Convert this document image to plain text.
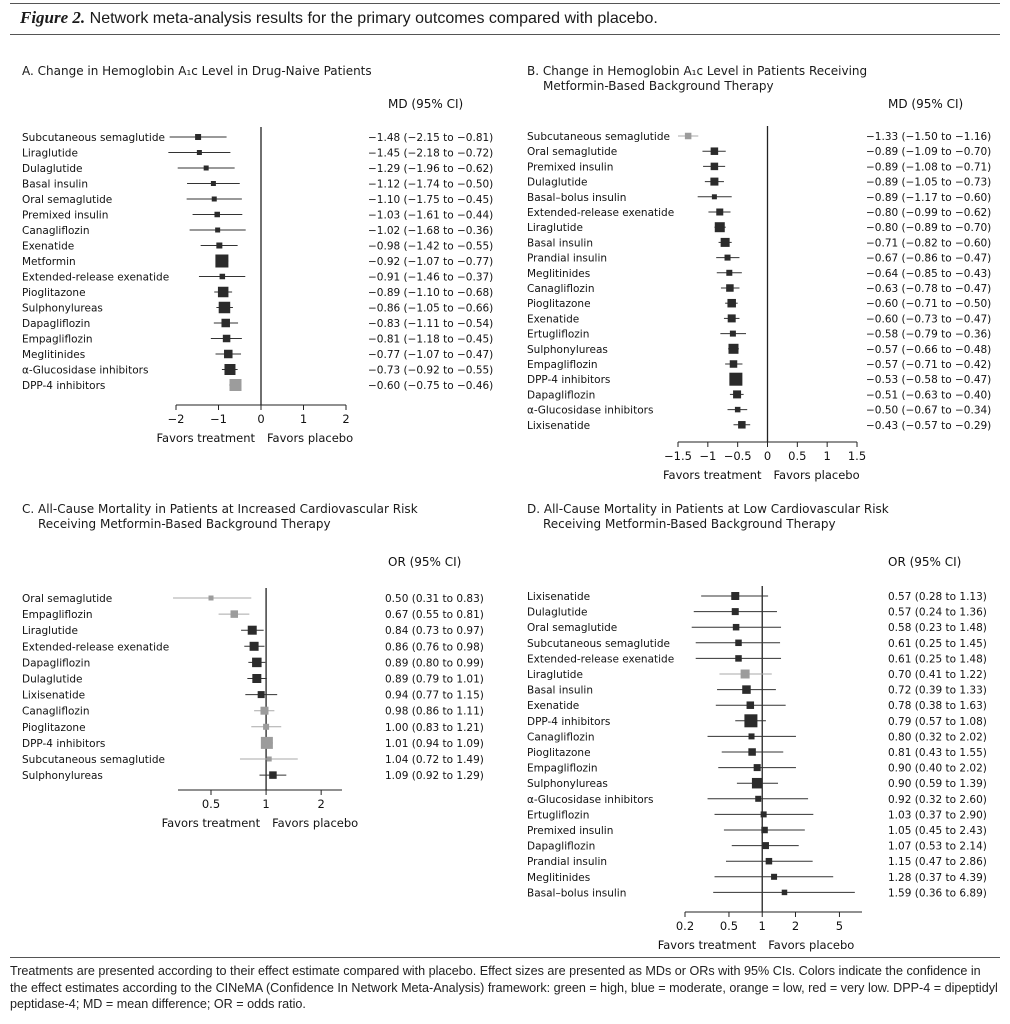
Figure 2. Network meta-analysis results for the primary outcomes compared with placebo.
A. Change in Hemoglobin A₁c Level in Drug-Naive Patients	B. Change in Hemoglobin A₁c Level in Patients Receiving
Metformin-Based Background Therapy
C. All-Cause Mortality in Patients at Increased Cardiovascular Risk
Receiving Metformin-Based Background Therapy
D. All-Cause Mortality in Patients at Low Cardiovascular Risk
Receiving Metformin-Based Background Therapy
MD (95% CI)
Subcutaneous semaglutide	−1.48 (−2.15 to −0.81)
Liraglutide	−1.45 (−2.18 to −0.72)
Dulaglutide	−1.29 (−1.96 to −0.62)
Basal insulin	−1.12 (−1.74 to −0.50)
Oral semaglutide	−1.10 (−1.75 to −0.45)
Premixed insulin	−1.03 (−1.61 to −0.44)
Canagliflozin	−1.02 (−1.68 to −0.36)
Exenatide	−0.98 (−1.42 to −0.55)
Metformin	−0.92 (−1.07 to −0.77)
Extended-release exenatide	−0.91 (−1.46 to −0.37)
Pioglitazone	−0.89 (−1.10 to −0.68)
Sulphonylureas	−0.86 (−1.05 to −0.66)
Dapagliflozin	−0.83 (−1.11 to −0.54)
Empagliflozin	−0.81 (−1.18 to −0.45)
Meglitinides	−0.77 (−1.07 to −0.47)
α-Glucosidase inhibitors	−0.73 (−0.92 to −0.55)
DPP-4 inhibitors	−0.60 (−0.75 to −0.46)
−2 −1	0	1	2
Favors treatment Favors placebo
MD (95% CI)
Subcutaneous semaglutide	−1.33 (−1.50 to −1.16)
Oral semaglutide	−0.89 (−1.09 to −0.70)
Premixed insulin	−0.89 (−1.08 to −0.71)
Dulaglutide	−0.89 (−1.05 to −0.73)
Basal–bolus insulin	−0.89 (−1.17 to −0.60)
Extended-release exenatide	−0.80 (−0.99 to −0.62)
Liraglutide	−0.80 (−0.89 to −0.70)
Basal insulin	−0.71 (−0.82 to −0.60)
Prandial insulin	−0.67 (−0.86 to −0.47)
Meglitinides	−0.64 (−0.85 to −0.43)
Canagliflozin	−0.63 (−0.78 to −0.47)
Pioglitazone	−0.60 (−0.71 to −0.50)
Exenatide	−0.60 (−0.73 to −0.47)
Ertugliflozin	−0.58 (−0.79 to −0.36)
Sulphonylureas	−0.57 (−0.66 to −0.48)
Empagliflozin	−0.57 (−0.71 to −0.42)
DPP-4 inhibitors	−0.53 (−0.58 to −0.47)
Dapagliflozin	−0.51 (−0.63 to −0.40)
α-Glucosidase inhibitors	−0.50 (−0.67 to −0.34)
Lixisenatide	−0.43 (−0.57 to −0.29)
−1.5 −1 −0.5 0 0.5 1 1.5
Favors treatment Favors placebo
OR (95% CI)
Oral semaglutide	0.50 (0.31 to 0.83)
Empagliflozin	0.67 (0.55 to 0.81)
Liraglutide	0.84 (0.73 to 0.97)
Extended-release exenatide	0.86 (0.76 to 0.98)
Dapagliflozin	0.89 (0.80 to 0.99)
Dulaglutide	0.89 (0.79 to 1.01)
Lixisenatide	0.94 (0.77 to 1.15)
Canagliflozin	0.98 (0.86 to 1.11)
Pioglitazone	1.00 (0.83 to 1.21)
DPP-4 inhibitors	1.01 (0.94 to 1.09)
Subcutaneous semaglutide	1.04 (0.72 to 1.49)
Sulphonylureas	1.09 (0.92 to 1.29)
0.5	1	2
Favors treatment Favors placebo
OR (95% CI)
Lixisenatide	0.57 (0.28 to 1.13)
Dulaglutide	0.57 (0.24 to 1.36)
Oral semaglutide	0.58 (0.23 to 1.48)
Subcutaneous semaglutide	0.61 (0.25 to 1.45)
Extended-release exenatide	0.61 (0.25 to 1.48)
Liraglutide	0.70 (0.41 to 1.22)
Basal insulin	0.72 (0.39 to 1.33)
Exenatide	0.78 (0.38 to 1.63)
DPP-4 inhibitors	0.79 (0.57 to 1.08)
Canagliflozin	0.80 (0.32 to 2.02)
Pioglitazone	0.81 (0.43 to 1.55)
Empagliflozin	0.90 (0.40 to 2.02)
Sulphonylureas	0.90 (0.59 to 1.39)
α-Glucosidase inhibitors	0.92 (0.32 to 2.60)
Ertugliflozin	1.03 (0.37 to 2.90)
Premixed insulin	1.05 (0.45 to 2.43)
Dapagliflozin	1.07 (0.53 to 2.14)
Prandial insulin	1.15 (0.47 to 2.86)
Meglitinides	1.28 (0.37 to 4.39)
Basal–bolus insulin	1.59 (0.36 to 6.89)
0.2 0.5 1 2	5
Favors treatment Favors placebo
Treatments are presented according to their effect estimate compared with placebo. Effect sizes are presented as MDs or ORs with 95% CIs. Colors indicate the confidence in the effect estimates according to the CINeMA (Confidence In Network Meta-Analysis) framework: green = high, blue = moderate, orange = low, red = very low. DPP-4 = dipeptidyl peptidase-4; MD = mean difference; OR = odds ratio.
